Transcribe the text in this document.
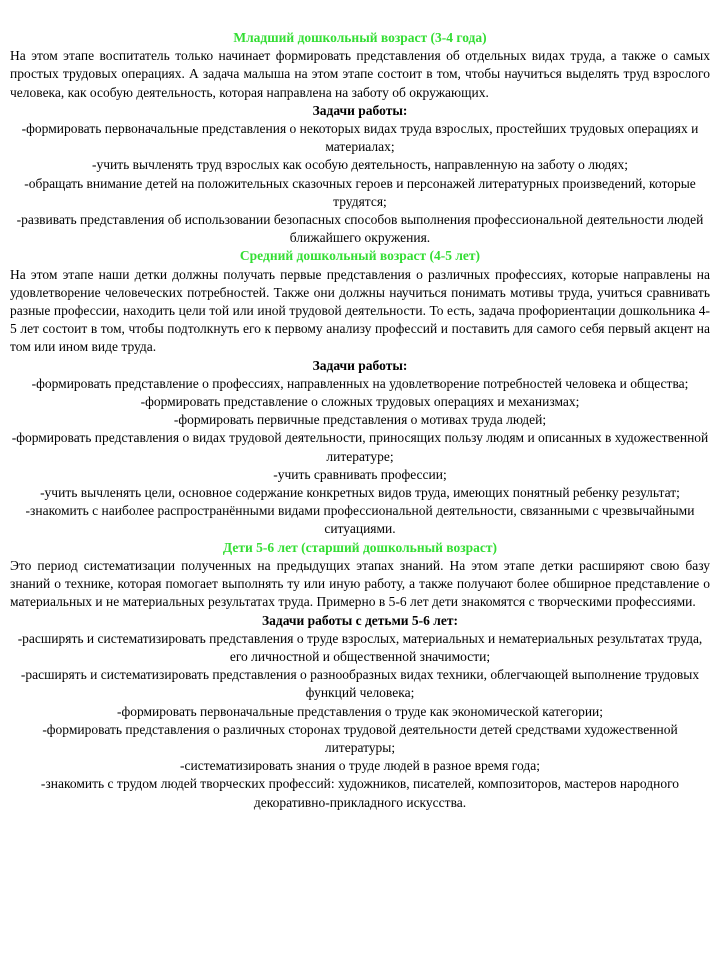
Младший дошкольный возраст (3-4 года)

На этом этапе воспитатель только начинает формировать представления об отдельных видах труда, а также о самых простых трудовых операциях. А задача малыша на этом этапе состоит в том, чтобы научиться выделять труд взрослого человека, как особую деятельность, которая направлена на заботу об окружающих.

Задачи работы:

-формировать первоначальные представления о некоторых видах труда взрослых, простейших трудовых операциях и материалах;

-учить вычленять труд взрослых как особую деятельность, направленную на заботу о людях;

-обращать внимание детей на положительных сказочных героев и персонажей литературных произведений, которые трудятся;

-развивать представления об использовании безопасных способов выполнения профессиональной деятельности людей ближайшего окружения.

Средний дошкольный возраст (4-5 лет)

На этом этапе наши детки должны получать первые представления о различных профессиях, которые направлены на удовлетворение человеческих потребностей. Также они должны научиться понимать мотивы труда, учиться сравнивать разные профессии, находить цели той или иной трудовой деятельности. То есть, задача профориентации дошкольника 4-5 лет состоит в том, чтобы подтолкнуть его к первому анализу профессий и поставить для самого себя первый акцент на том или ином виде труда.

Задачи работы:

-формировать представление о профессиях, направленных на удовлетворение потребностей человека и общества;

-формировать представление о сложных трудовых операциях и механизмах;

-формировать первичные представления о мотивах труда людей;

-формировать представления о видах трудовой деятельности, приносящих пользу людям и описанных в художественной литературе;

-учить сравнивать профессии;

-учить вычленять цели, основное содержание конкретных видов труда, имеющих понятный ребенку результат;

-знакомить с наиболее распространёнными видами профессиональной деятельности, связанными с чрезвычайными ситуациями.

Дети 5-6 лет (старший дошкольный возраст)

Это период систематизации полученных на предыдущих этапах знаний. На этом этапе детки расширяют свою базу знаний о технике, которая помогает выполнять ту или иную работу, а также получают более обширное представление о материальных и не материальных результатах труда. Примерно в 5-6 лет дети знакомятся с творческими профессиями.

Задачи работы с детьми 5-6 лет:

-расширять и систематизировать представления о труде взрослых, материальных и нематериальных результатах труда, его личностной и общественной значимости;

-расширять и систематизировать представления о разнообразных видах техники, облегчающей выполнение трудовых функций человека;

-формировать первоначальные представления о труде как экономической категории;

-формировать представления о различных сторонах трудовой деятельности детей средствами художественной литературы;

-систематизировать знания о труде людей в разное время года;

-знакомить с трудом людей творческих профессий: художников, писателей, композиторов, мастеров народного декоративно-прикладного искусства.
